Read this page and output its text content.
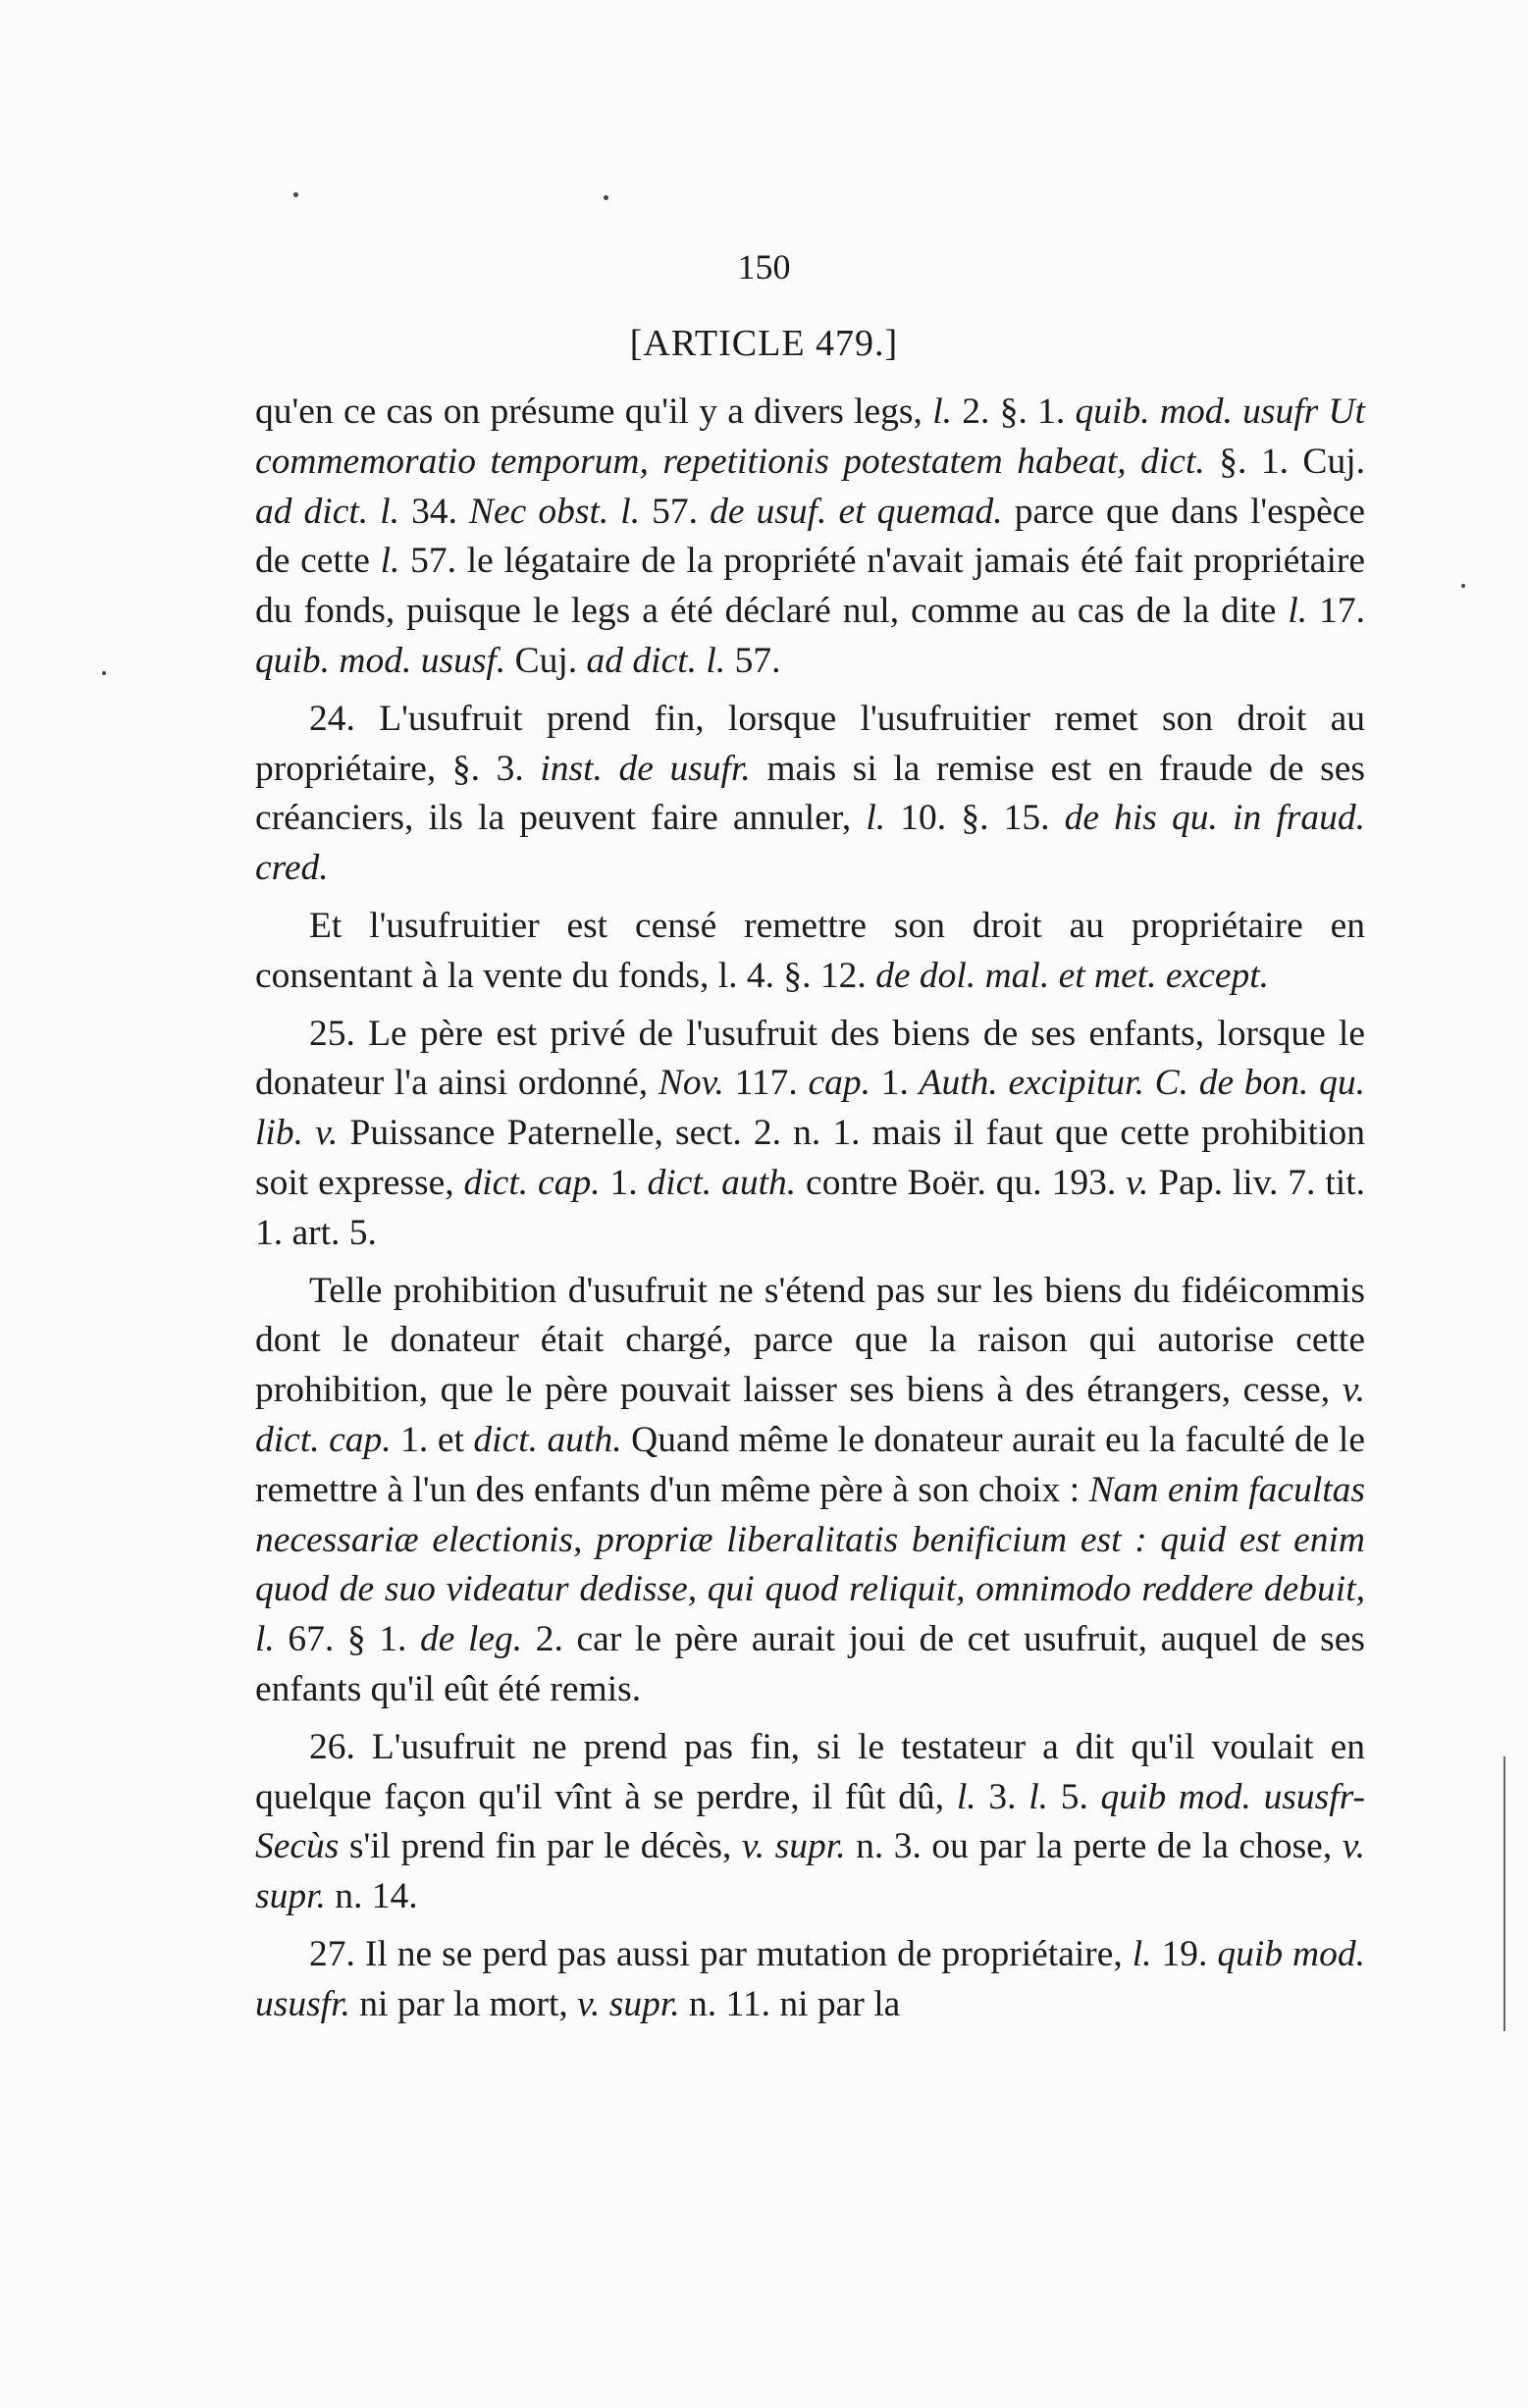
150
[ARTICLE 479.]

qu'en ce cas on présume qu'il y a divers legs, l. 2. §. 1. quib. mod. usufr Ut commemoratio temporum, repetitionis potestatem habeat, dict. §. 1. Cuj. ad dict. l. 34. Nec obst. l. 57. de usuf. et quemad. parce que dans l'espèce de cette l. 57. le légataire de la propriété n'avait jamais été fait propriétaire du fonds, puisque le legs a été déclaré nul, comme au cas de la dite l. 17. quib. mod. ususf. Cuj. ad dict. l. 57.

24. L'usufruit prend fin, lorsque l'usufruitier remet son droit au propriétaire, §. 3. inst. de usufr. mais si la remise est en fraude de ses créanciers, ils la peuvent faire annuler, l. 10. §. 15. de his qu. in fraud. cred.

Et l'usufruitier est censé remettre son droit au propriétaire en consentant à la vente du fonds, l. 4. §. 12. de dol. mal. et met. except.

25. Le père est privé de l'usufruit des biens de ses enfants, lorsque le donateur l'a ainsi ordonné, Nov. 117. cap. 1. Auth. excipitur. C. de bon. qu. lib. v. Puissance Paternelle, sect. 2. n. 1. mais il faut que cette prohibition soit expresse, dict. cap. 1. dict. auth. contre Boër. qu. 193. v. Pap. liv. 7. tit. 1. art. 5.

Telle prohibition d'usufruit ne s'étend pas sur les biens du fidéicommis dont le donateur était chargé, parce que la raison qui autorise cette prohibition, que le père pouvait laisser ses biens à des étrangers, cesse, v. dict. cap. 1. et dict. auth. Quand même le donateur aurait eu la faculté de le remettre à l'un des enfants d'un même père à son choix : Nam enim facultas necessariæ electionis, propriæ liberalitatis benificium est : quid est enim quod de suo videatur dedisse, qui quod reliquit, omnimodo reddere debuit, l. 67. § 1. de leg. 2. car le père aurait joui de cet usufruit, auquel de ses enfants qu'il eût été remis.

26. L'usufruit ne prend pas fin, si le testateur a dit qu'il voulait en quelque façon qu'il vînt à se perdre, il fût dû, l. 3. l. 5. quib mod. ususfr- Secùs s'il prend fin par le décès, v. supr. n. 3. ou par la perte de la chose, v. supr. n. 14.

27. Il ne se perd pas aussi par mutation de propriétaire, l. 19. quib mod. ususfr. ni par la mort, v. supr. n. 11. ni par la
